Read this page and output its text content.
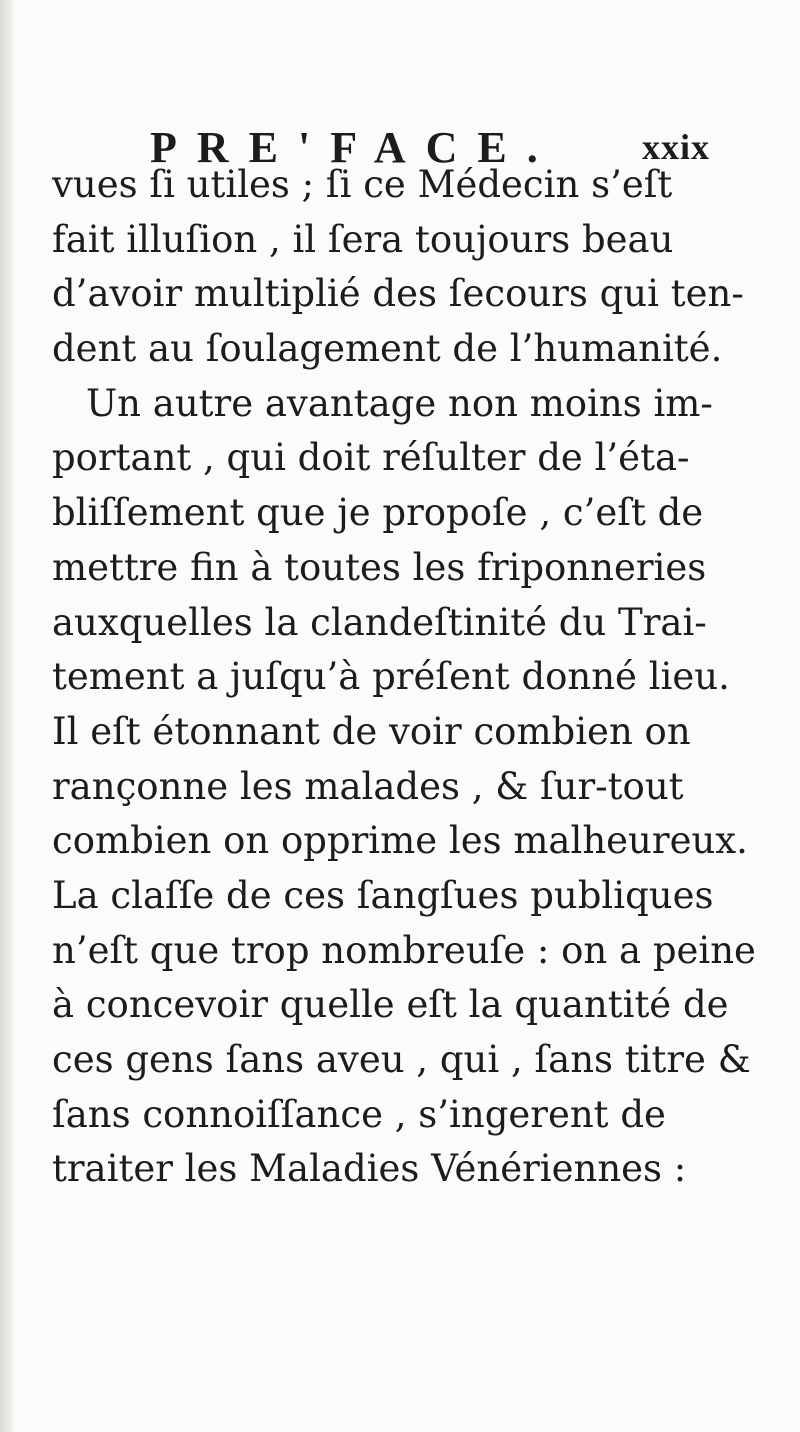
PRE'FACE. xxix
vues ſi utiles ; ſi ce Médecin s’eſt
fait illuſion , il ſera toujours beau
d’avoir multiplié des ſecours qui ten-
dent au ſoulagement de l’humanité.
Un autre avantage non moins im-
portant , qui doit réſulter de l’éta-
bliſſement que je propoſe , c’eſt de
mettre fin à toutes les friponneries
auxquelles la clandeſtinité du Trai-
tement a juſqu’à préſent donné lieu.
Il eſt étonnant de voir combien on
rançonne les malades , & ſur-tout
combien on opprime les malheureux.
La claſſe de ces ſangſues publiques
n’eſt que trop nombreuſe : on a peine
à concevoir quelle eſt la quantité de
ces gens ſans aveu , qui , ſans titre &
ſans connoiſſance , s’ingerent de
traiter les Maladies Vénériennes :
